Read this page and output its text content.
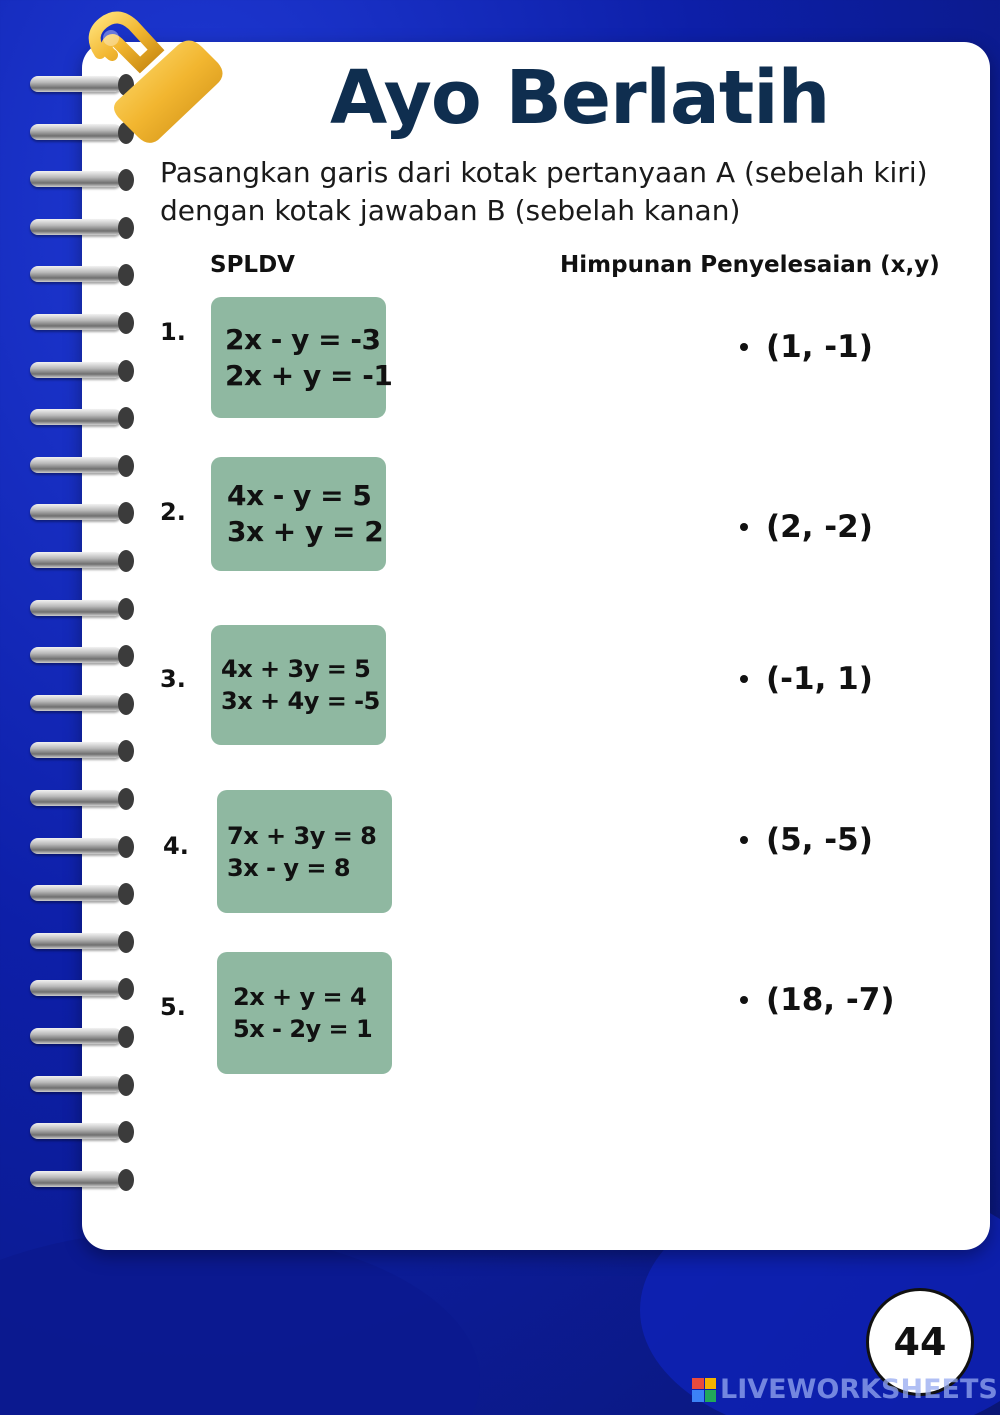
Ayo Berlatih
Pasangkan garis dari kotak pertanyaan A (sebelah kiri) dengan kotak jawaban B (sebelah kanan)
SPLDV	Himpunan Penyelesaian (x,y)
1. 2x - y = -3
2x + y = -1
2. 4x - y = 5
3x + y = 2
3. 4x + 3y = 5
3x + 4y = -5
4. 7x + 3y = 8
3x - y = 8
5. 2x + y = 4
5x - 2y = 1
(1, -1)
(2, -2)
(-1, 1)
(5, -5)
(18, -7)
44
LIVEWORKSHEETS
